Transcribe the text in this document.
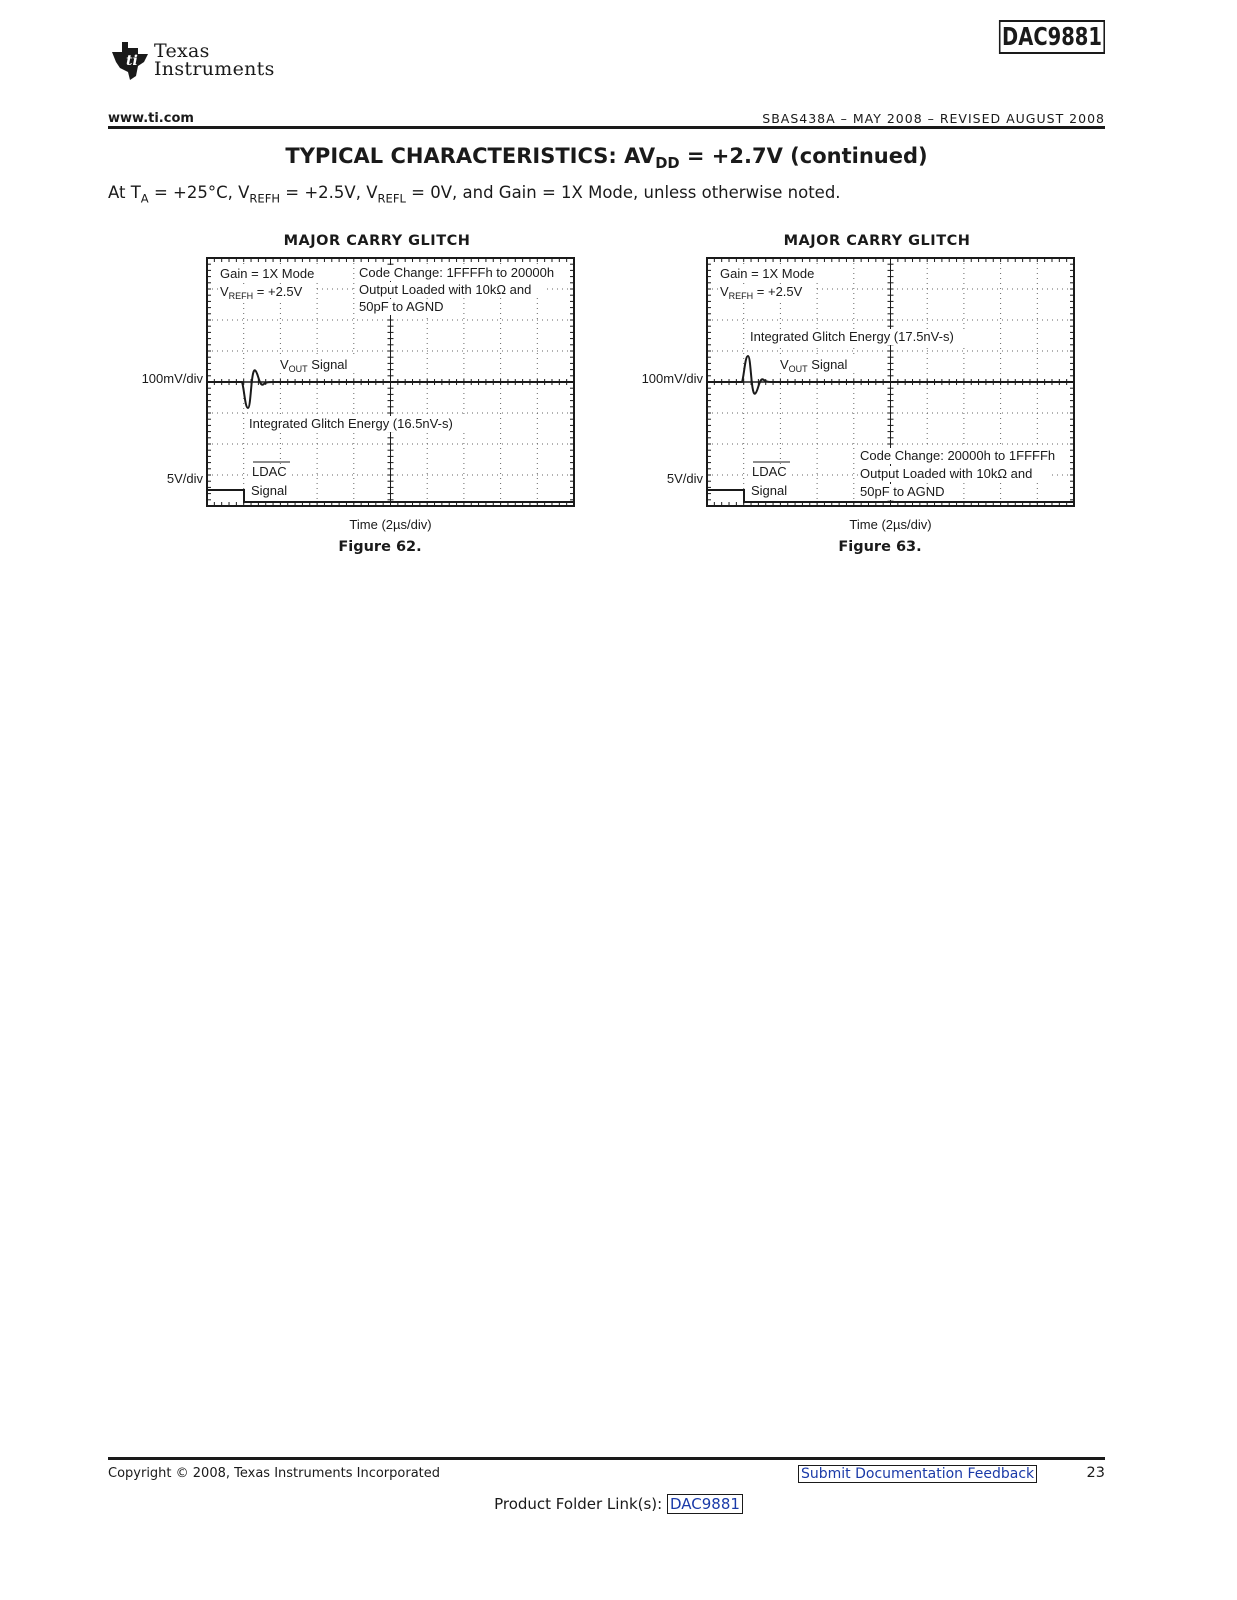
ti Texas
Instruments
DAC9881
www.ti.com	SBAS438A – MAY 2008 – REVISED AUGUST 2008
TYPICAL CHARACTERISTICS: $AV_{DD} = +2.7V$ (continued)
At $T_A = +25^\circ C$, $V_{REFH} = +2.5V$, $V_{REFL} = 0V$, and Gain = 1X Mode, unless otherwise noted.
MAJOR CARRY GLITCH
100mV/div
5V/div
Time (2µs/div)
Gain = 1X Mode
$V_{REFH} = +2.5V$
$V_{OUT}$ Signal
LDAC
Signal
Code Change: 1FFFFh to 20000h
Output Loaded with 10kΩ and
50pF to AGND
Integrated Glitch Energy (16.5nV-s)
Figure 62.
MAJOR CARRY GLITCH
100mV/div
5V/div
Time (2µs/div)
Gain = 1X Mode
$V_{REFH} = +2.5V$
$V_{OUT}$ Signal
LDAC
Signal
Integrated Glitch Energy (17.5nV-s)
Code Change: 20000h to 1FFFFh
Output Loaded with 10kΩ and
50pF to AGND
Figure 63.
Copyright © 2008, Texas Instruments Incorporated	Submit Documentation Feedback	23
Product Folder Link(s): DAC9881
